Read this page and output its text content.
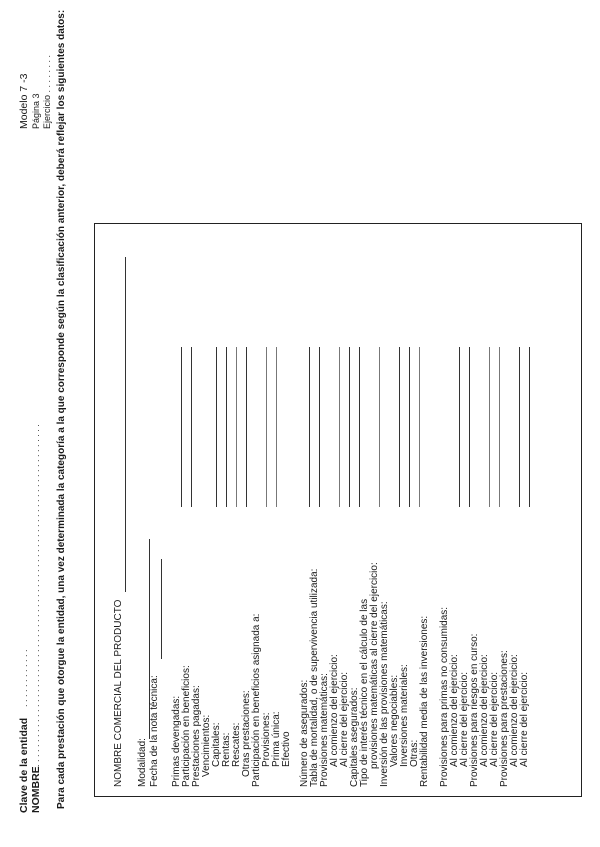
Clave de la entidad
. . . . . . . . . . . .
NOMBRE
. . . . . . . . . . . . . . . . . . . . . . . . . . . . . . . . . . . . . . . . . . . . . . . . . . . . . . . . . . . . . . . . . . . . .
Modelo 7 -3 Página 3 Ejercicio . . . . . . . . Para cada prestación que otorgue la entidad, una vez determinada la categoría a la que corresponde según la clasificación anterior, deberá reflejar los siguientes datos:	NOMBRE COMERCIAL DEL PRODUCTO Modalidad: Fecha de la nota técnica: Primas devengadas: Participación en beneficios: Prestaciones pagadas: Vencimientos: Capitales: Rentas: Rescates: Otras prestaciones: Participación en beneficios asignada a: Provisiones: Prima única: Efectivo Número de asegurados: Tabla de mortalidad, o de supervivencia utilizada: Provisiones matemáticas: Al comienzo del ejercicio: Al cierre del ejercicio: Capitales asegurados: Tipo de interés técnico en el cálculo de las provisiones matemáticas al cierre del ejercicio: Inversión de las provisiones matemáticas: Valores negociables: Inversiones materiales: Otras: Rentabilidad media de las inversiones: Provisiones para primas no consumidas: Al comienzo del ejercicio: Al cierre del ejercicio: Provisiones para riesgos en curso: Al comienzo del ejercicio: Al cierre del ejercicio: Provisiones para prestaciones: Al comienzo del ejercicio: Al cierre del ejercicio:
